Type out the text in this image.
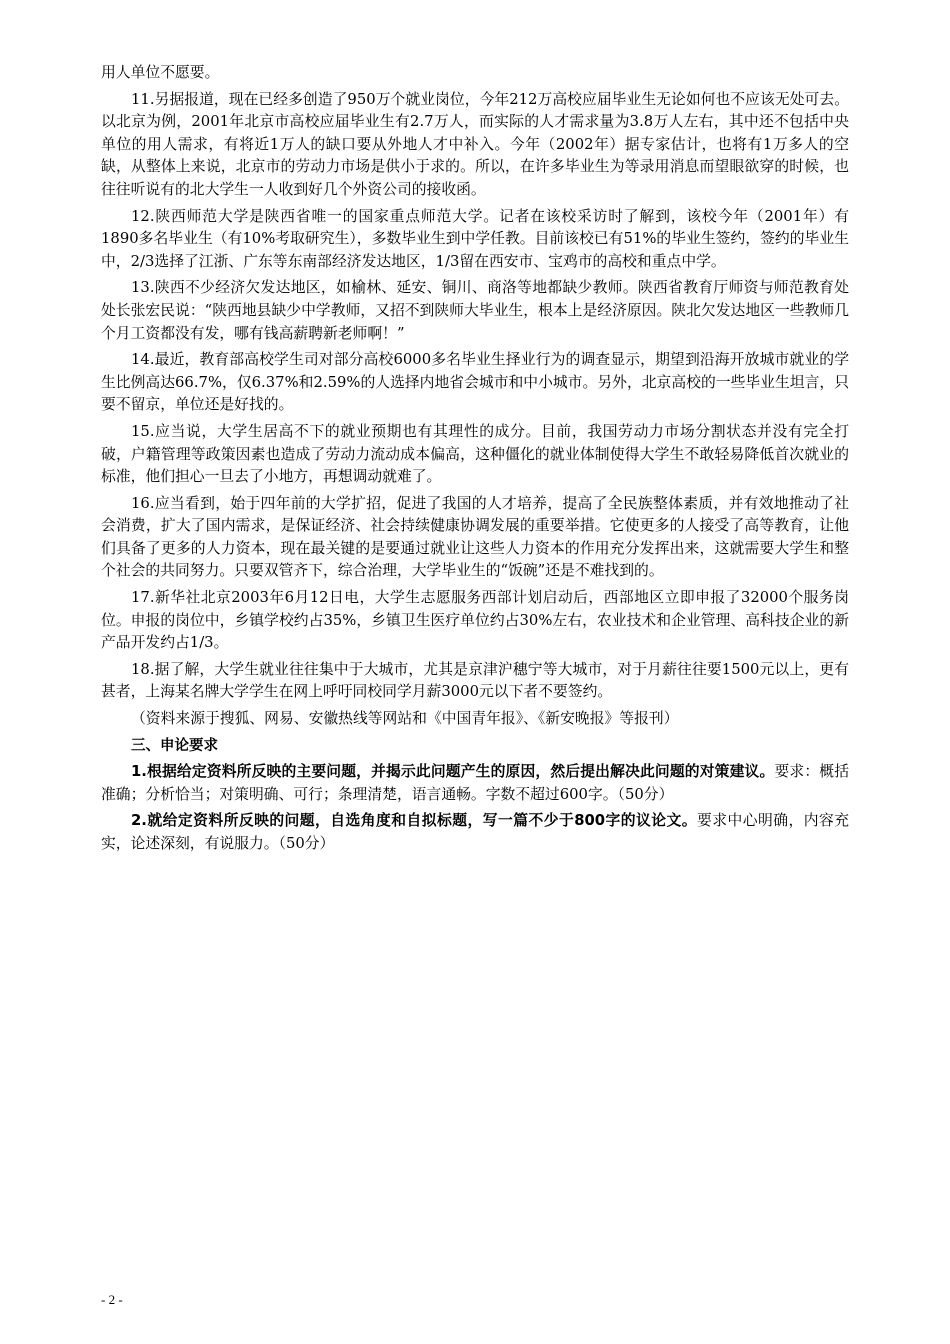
用人单位不愿要。

11.另据报道，现在已经多创造了950万个就业岗位，今年212万高校应届毕业生无论如何也不应该无处可去。以北京为例，2001年北京市高校应届毕业生有2.7万人，而实际的人才需求量为3.8万人左右，其中还不包括中央单位的用人需求，有将近1万人的缺口要从外地人才中补入。今年（2002年）据专家估计，也将有1万多人的空缺，从整体上来说，北京市的劳动力市场是供小于求的。所以，在许多毕业生为等录用消息而望眼欲穿的时候，也往往听说有的北大学生一人收到好几个外资公司的接收函。

12.陕西师范大学是陕西省唯一的国家重点师范大学。记者在该校采访时了解到，该校今年（2001年）有1890多名毕业生（有10%考取研究生），多数毕业生到中学任教。目前该校已有51%的毕业生签约，签约的毕业生中，2/3选择了江浙、广东等东南部经济发达地区，1/3留在西安市、宝鸡市的高校和重点中学。

13.陕西不少经济欠发达地区，如榆林、延安、铜川、商洛等地都缺少教师。陕西省教育厅师资与师范教育处处长张宏民说：“陕西地县缺少中学教师，又招不到陕师大毕业生，根本上是经济原因。陕北欠发达地区一些教师几个月工资都没有发，哪有钱高薪聘新老师啊！”

14.最近，教育部高校学生司对部分高校6000多名毕业生择业行为的调查显示，期望到沿海开放城市就业的学生比例高达66.7%，仅6.37%和2.59%的人选择内地省会城市和中小城市。另外，北京高校的一些毕业生坦言，只要不留京，单位还是好找的。

15.应当说，大学生居高不下的就业预期也有其理性的成分。目前，我国劳动力市场分割状态并没有完全打破，户籍管理等政策因素也造成了劳动力流动成本偏高，这种僵化的就业体制使得大学生不敢轻易降低首次就业的标准，他们担心一旦去了小地方，再想调动就难了。

16.应当看到，始于四年前的大学扩招，促进了我国的人才培养，提高了全民族整体素质，并有效地推动了社会消费，扩大了国内需求，是保证经济、社会持续健康协调发展的重要举措。它使更多的人接受了高等教育，让他们具备了更多的人力资本，现在最关键的是要通过就业让这些人力资本的作用充分发挥出来，这就需要大学生和整个社会的共同努力。只要双管齐下，综合治理，大学毕业生的“饭碗”还是不难找到的。

17.新华社北京2003年6月12日电，大学生志愿服务西部计划启动后，西部地区立即申报了32000个服务岗位。申报的岗位中，乡镇学校约占35%，乡镇卫生医疗单位约占30%左右，农业技术和企业管理、高科技企业的新产品开发约占1/3。

18.据了解，大学生就业往往集中于大城市，尤其是京津沪穗宁等大城市，对于月薪往往要1500元以上，更有甚者，上海某名牌大学学生在网上呼吁同校同学月薪3000元以下者不要签约。

（资料来源于搜狐、网易、安徽热线等网站和《中国青年报》、《新安晚报》等报刊）

三、申论要求

1.根据给定资料所反映的主要问题，并揭示此问题产生的原因，然后提出解决此问题的对策建议。要求：概括准确；分析恰当；对策明确、可行；条理清楚，语言通畅。字数不超过600字。（50分）

2.就给定资料所反映的问题，自选角度和自拟标题，写一篇不少于800字的议论文。要求中心明确，内容充实，论述深刻，有说服力。（50分）

- 2 -
